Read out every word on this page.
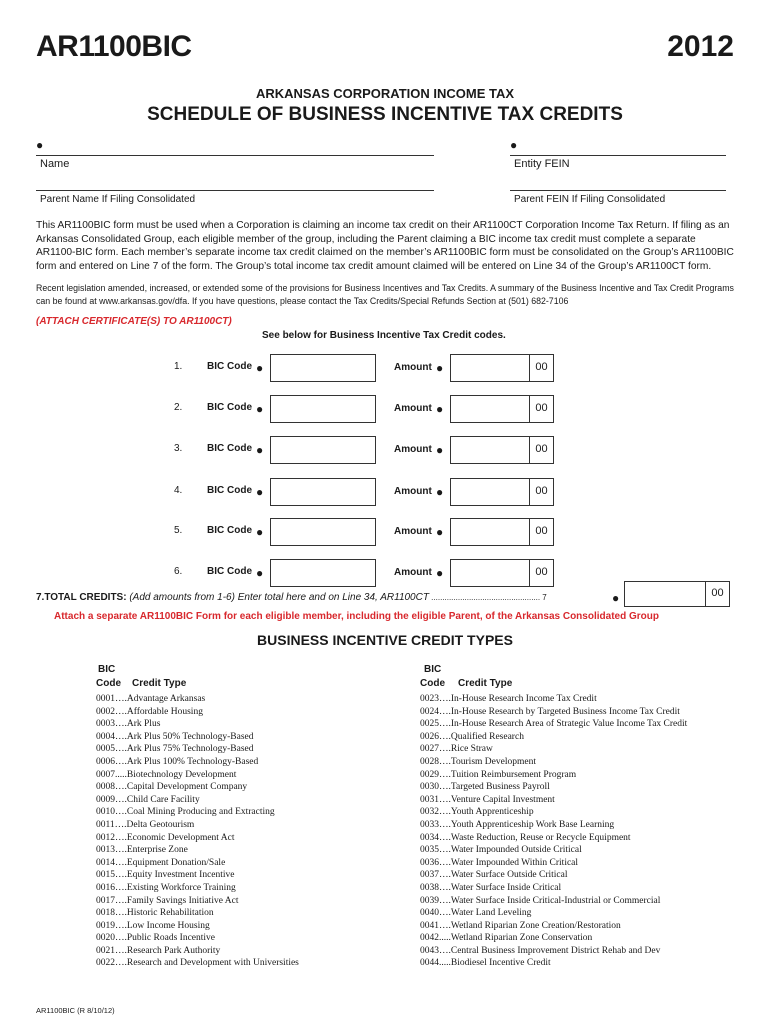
AR1100BIC	2012
ARKANSAS CORPORATION INCOME TAX
SCHEDULE OF BUSINESS INCENTIVE TAX CREDITS
●
Name
●
Entity FEIN
Parent Name If Filing Consolidated	Parent FEIN If Filing Consolidated
This AR1100BIC form must be used when a Corporation is claiming an income tax credit on their AR1100CT Corporation Income Tax Return. If filing as an Arkansas Consolidated Group, each eligible member of the group, including the Parent claiming a BIC income tax credit must complete a separate AR1100-BIC form. Each member’s separate income tax credit claimed on the member’s AR1100BIC form must be consolidated on the Group’s AR1100BIC form and entered on Line 7 of the form. The Group’s total income tax credit amount claimed will be entered on Line 34 of the Group’s AR1100CT form.
Recent legislation amended, increased, or extended some of the provisions for Business Incentives and Tax Credits. A summary of the Business Incentive and Tax Credit Programs can be found at www.arkansas.gov/dfa. If you have questions, please contact the Tax Credits/Special Refunds Section at (501) 682-7106
(ATTACH CERTIFICATE(S) TO AR1100CT)
See below for Business Incentive Tax Credit codes.
1. BIC Code ●	Amount ●	00
2. BIC Code ●	Amount ●	00
3. BIC Code ●	Amount ●	00
4. BIC Code ●	Amount ●	00
5. BIC Code ●	Amount ●	00
6. BIC Code ●	Amount ●	00
7.TOTAL CREDITS: (Add amounts from 1-6) Enter total here and on Line 34, AR1100CT ................................................. 7	●	00
Attach a separate AR1100BIC Form for each eligible member, including the eligible Parent, of the Arkansas Consolidated Group
BUSINESS INCENTIVE CREDIT TYPES
BIC
Code Credit Type
BIC
Code Credit Type
0001….Advantage Arkansas
0002….Affordable Housing
0003….Ark Plus
0004….Ark Plus 50% Technology-Based
0005….Ark Plus 75% Technology-Based
0006….Ark Plus 100% Technology-Based
0007.....Biotechnology Development
0008….Capital Development Company
0009….Child Care Facility
0010….Coal Mining Producing and Extracting
0011….Delta Geotourism
0012….Economic Development Act
0013….Enterprise Zone
0014….Equipment Donation/Sale
0015….Equity Investment Incentive
0016….Existing Workforce Training
0017….Family Savings Initiative Act
0018….Historic Rehabilitation
0019….Low Income Housing
0020….Public Roads Incentive
0021….Research Park Authority
0022….Research and Development with Universities
0023….In-House Research Income Tax Credit
0024….In-House Research by Targeted Business Income Tax Credit
0025….In-House Research Area of Strategic Value Income Tax Credit
0026….Qualified Research
0027….Rice Straw
0028….Tourism Development
0029….Tuition Reimbursement Program
0030….Targeted Business Payroll
0031….Venture Capital Investment
0032….Youth Apprenticeship
0033….Youth Apprenticeship Work Base Learning
0034….Waste Reduction, Reuse or Recycle Equipment
0035….Water Impounded Outside Critical
0036….Water Impounded Within Critical
0037….Water Surface Outside Critical
0038….Water Surface Inside Critical
0039….Water Surface Inside Critical-Industrial or Commercial
0040….Water Land Leveling
0041….Wetland Riparian Zone Creation/Restoration
0042.....Wetland Riparian Zone Conservation
0043….Central Business Improvement District Rehab and Dev
0044.....Biodiesel Incentive Credit
AR1100BIC (R 8/10/12)
